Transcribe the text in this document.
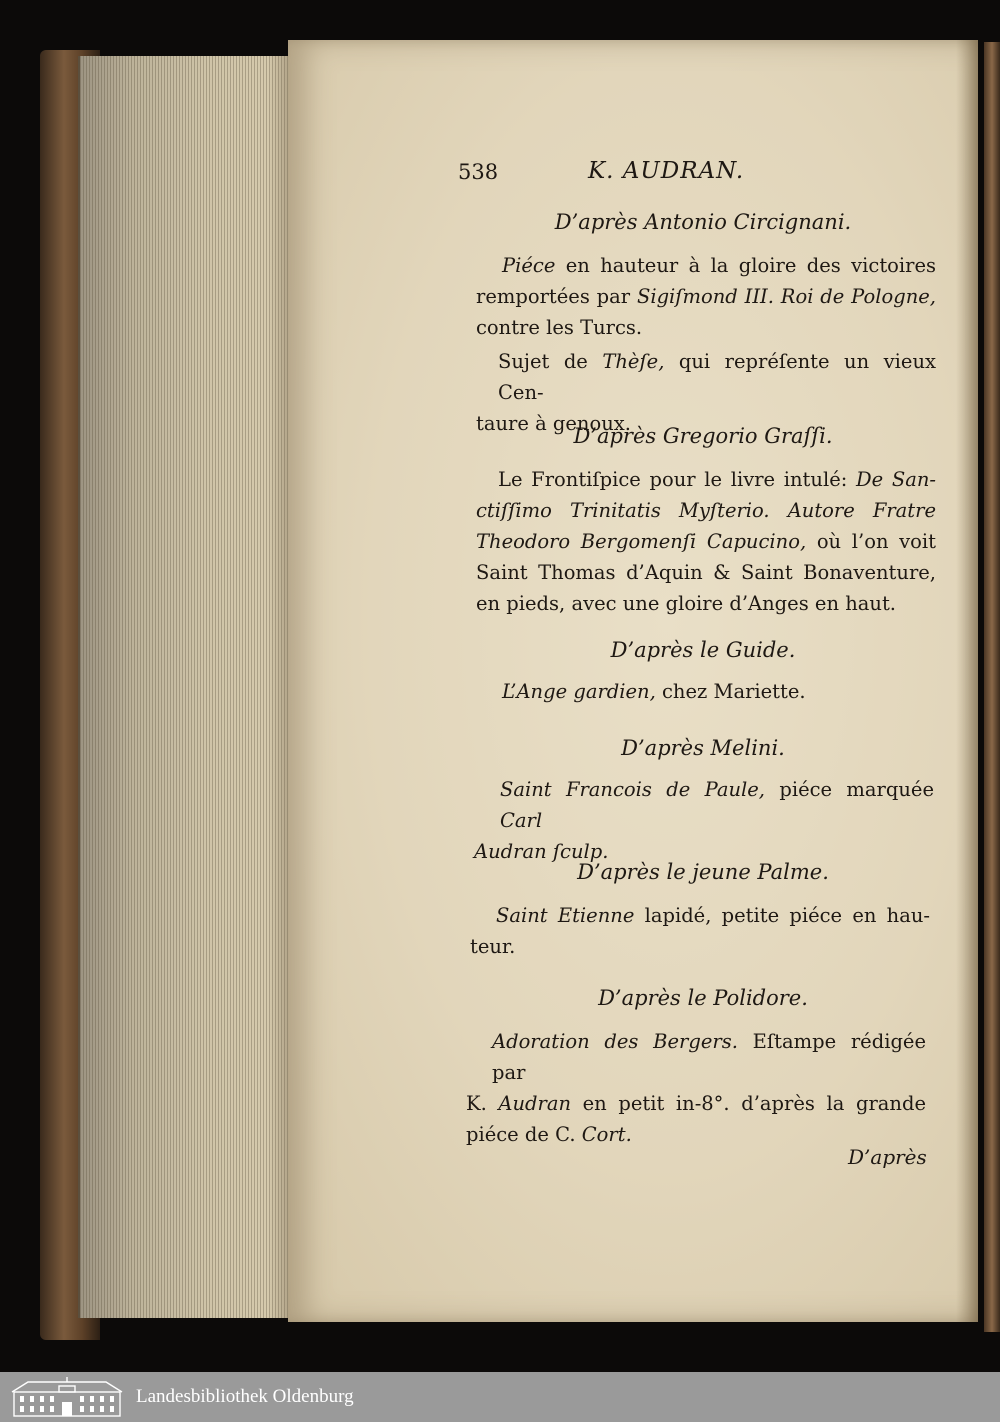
538	K. AUDRAN.
D’après Antonio Circignani.
Piéce en hauteur à la gloire des victoires
remportées par Sigiſmond III. Roi de Pologne,
contre les Turcs.
Sujet de Thèſe, qui repréſente un vieux Cen-
taure à genoux.
D’après Gregorio Graſſi.
Le Frontiſpice pour le livre intulé: De San-
ctiſſimo Trinitatis Myſterio. Autore Fratre
Theodoro Bergomenſi Capucino, où l’on voit
Saint Thomas d’Aquin & Saint Bonaventure,
en pieds, avec une gloire d’Anges en haut.
D’après le Guide.
L’Ange gardien, chez Mariette.
D’après Melini.
Saint Francois de Paule, piéce marquée Carl
Audran ſculp.
D’après le jeune Palme.
Saint Etienne lapidé, petite piéce en hau-
teur.
D’après le Polidore.
Adoration des Bergers. Eſtampe rédigée par
K. Audran en petit in-8°. d’après la grande
piéce de C. Cort.
D’après
Landesbibliothek Oldenburg
